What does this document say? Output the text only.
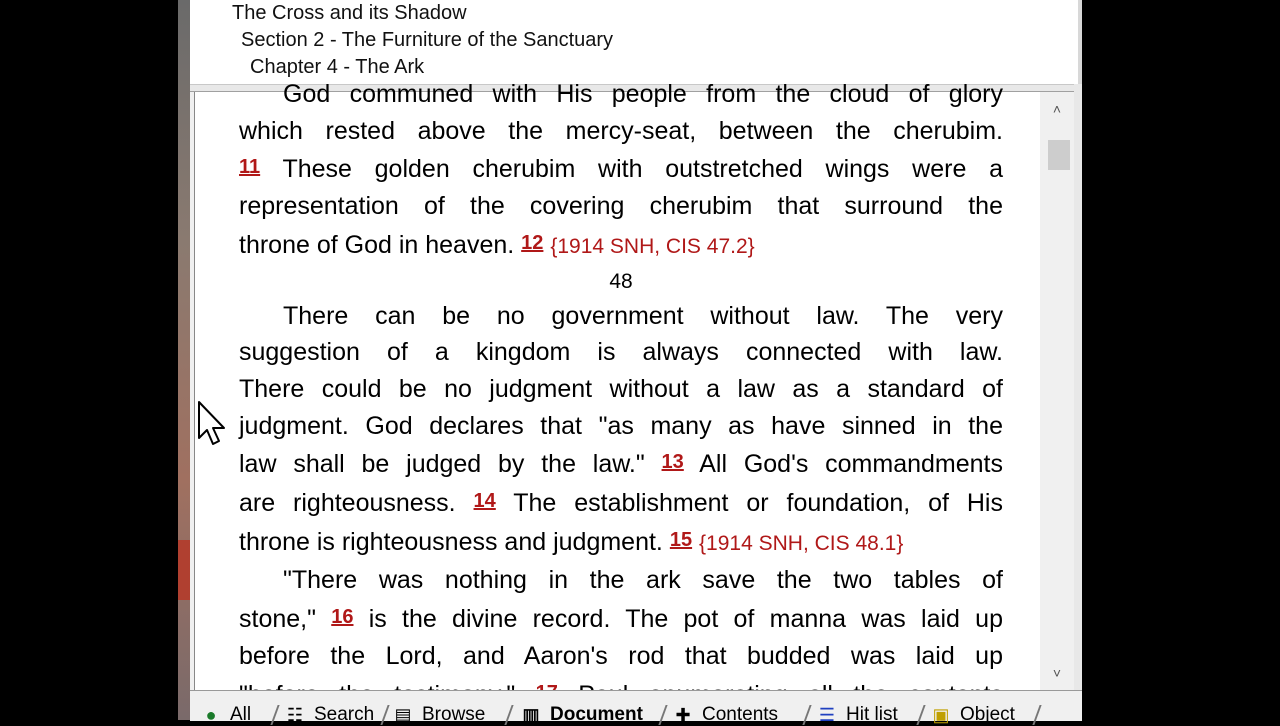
The Cross and its Shadow
Section 2 - The Furniture of the Sanctuary
Chapter 4 - The Ark

God communed with His people from the cloud of glory

which rested above the mercy-seat, between the cherubim.

11 These golden cherubim with outstretched wings were a

representation of the covering cherubim that surround the

throne of God in heaven. 12 {1914 SNH, CIS 47.2}

48

There can be no government without law. The very

suggestion of a kingdom is always connected with law.

There could be no judgment without a law as a standard of

judgment. God declares that "as many as have sinned in the

law shall be judged by the law." 13 All God's commandments

are righteousness. 14 The establishment or foundation, of His

throne is righteousness and judgment. 15 {1914 SNH, CIS 48.1}

"There was nothing in the ark save the two tables of

stone," 16 is the divine record. The pot of manna was laid up

before the Lord, and Aaron's rod that budded was laid up

˄
˅
● All ☷ Search ▤ Browse ▥ Document ✚ Contents ☰ Hit list ▣ Object
